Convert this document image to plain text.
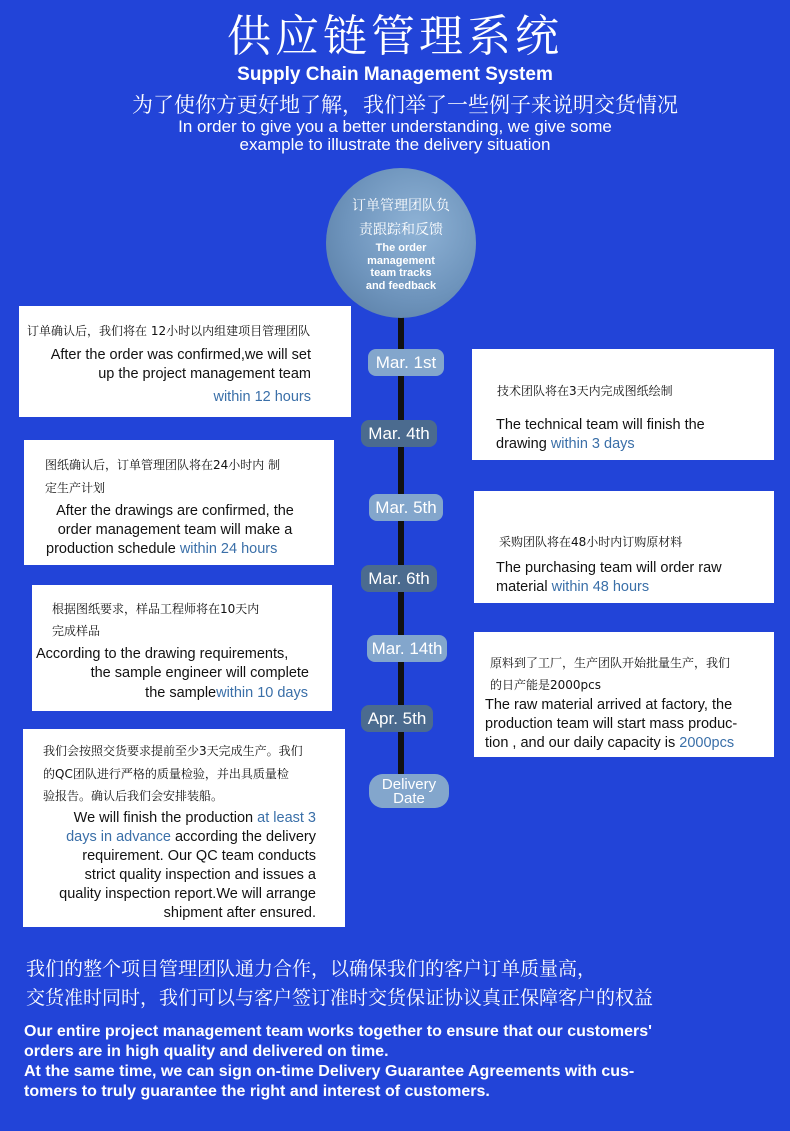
供应链管理系统
Supply Chain Management System
为了使你方更好地了解，我们举了一些例子来说明交货情况
In order to give you a better understanding, we give some
example to illustrate the delivery situation
订单管理团队负
责跟踪和反馈
The order
management
team tracks
and feedback
Mar. 1st
Mar. 4th
Mar. 5th
Mar. 6th
Mar. 14th
Apr. 5th
Delivery
Date
订单确认后，我们将在 12小时以内组建项目管理团队
After the order was confirmed,we will set
up the project management team
within 12 hours	技术团队将在3天内完成图纸绘制
The technical team will finish the
drawing within 3 days
图纸确认后，订单管理团队将在24小时内 制
定生产计划
After the drawings are confirmed, the
order management team will make a
production schedule within 24 hours	采购团队将在48小时内订购原材料
The purchasing team will order raw
material within 48 hours
根据图纸要求，样品工程师将在10天内
完成样品
According to the drawing requirements,
the sample engineer will complete
the samplewithin 10 days
原料到了工厂，生产团队开始批量生产，我们
的日产能是2000pcs
The raw material arrived at factory, the
production team will start mass produc-
tion , and our daily capacity is 2000pcs
我们会按照交货要求提前至少3天完成生产。我们
的QC团队进行严格的质量检验，并出具质量检
验报告。确认后我们会安排装船。
We will finish the production at least 3
days in advance according the delivery
requirement. Our QC team conducts
strict quality inspection and issues a
quality inspection report.We will arrange
shipment after ensured.
我们的整个项目管理团队通力合作，以确保我们的客户订单质量高，
交货准时同时，我们可以与客户签订准时交货保证协议真正保障客户的权益
Our entire project management team works together to ensure that our customers'
orders are in high quality and delivered on time.
At the same time, we can sign on-time Delivery Guarantee Agreements with cus-
tomers to truly guarantee the right and interest of customers.
